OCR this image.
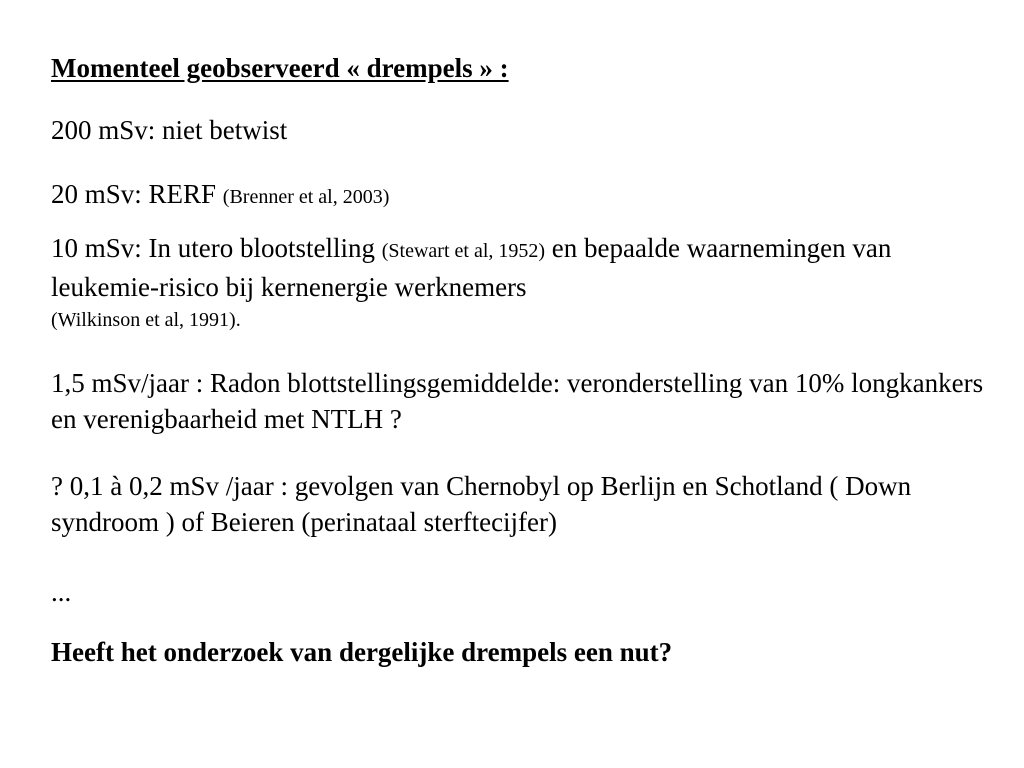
Momenteel geobserveerd « drempels » :

200 mSv: niet betwist

20 mSv: RERF (Brenner et al, 2003)

10 mSv: In utero blootstelling (Stewart et al, 1952) en bepaalde waarnemingen van leukemie-risico bij kernenergie werknemers
(Wilkinson et al, 1991).

1,5 mSv/jaar : Radon blottstellingsgemiddelde: veronderstelling van 10% longkankers en verenigbaarheid met NTLH ?

? 0,1 à 0,2 mSv /jaar : gevolgen van Chernobyl op Berlijn en Schotland ( Down syndroom ) of Beieren (perinataal sterftecijfer)

...

Heeft het onderzoek van dergelijke drempels een nut?
